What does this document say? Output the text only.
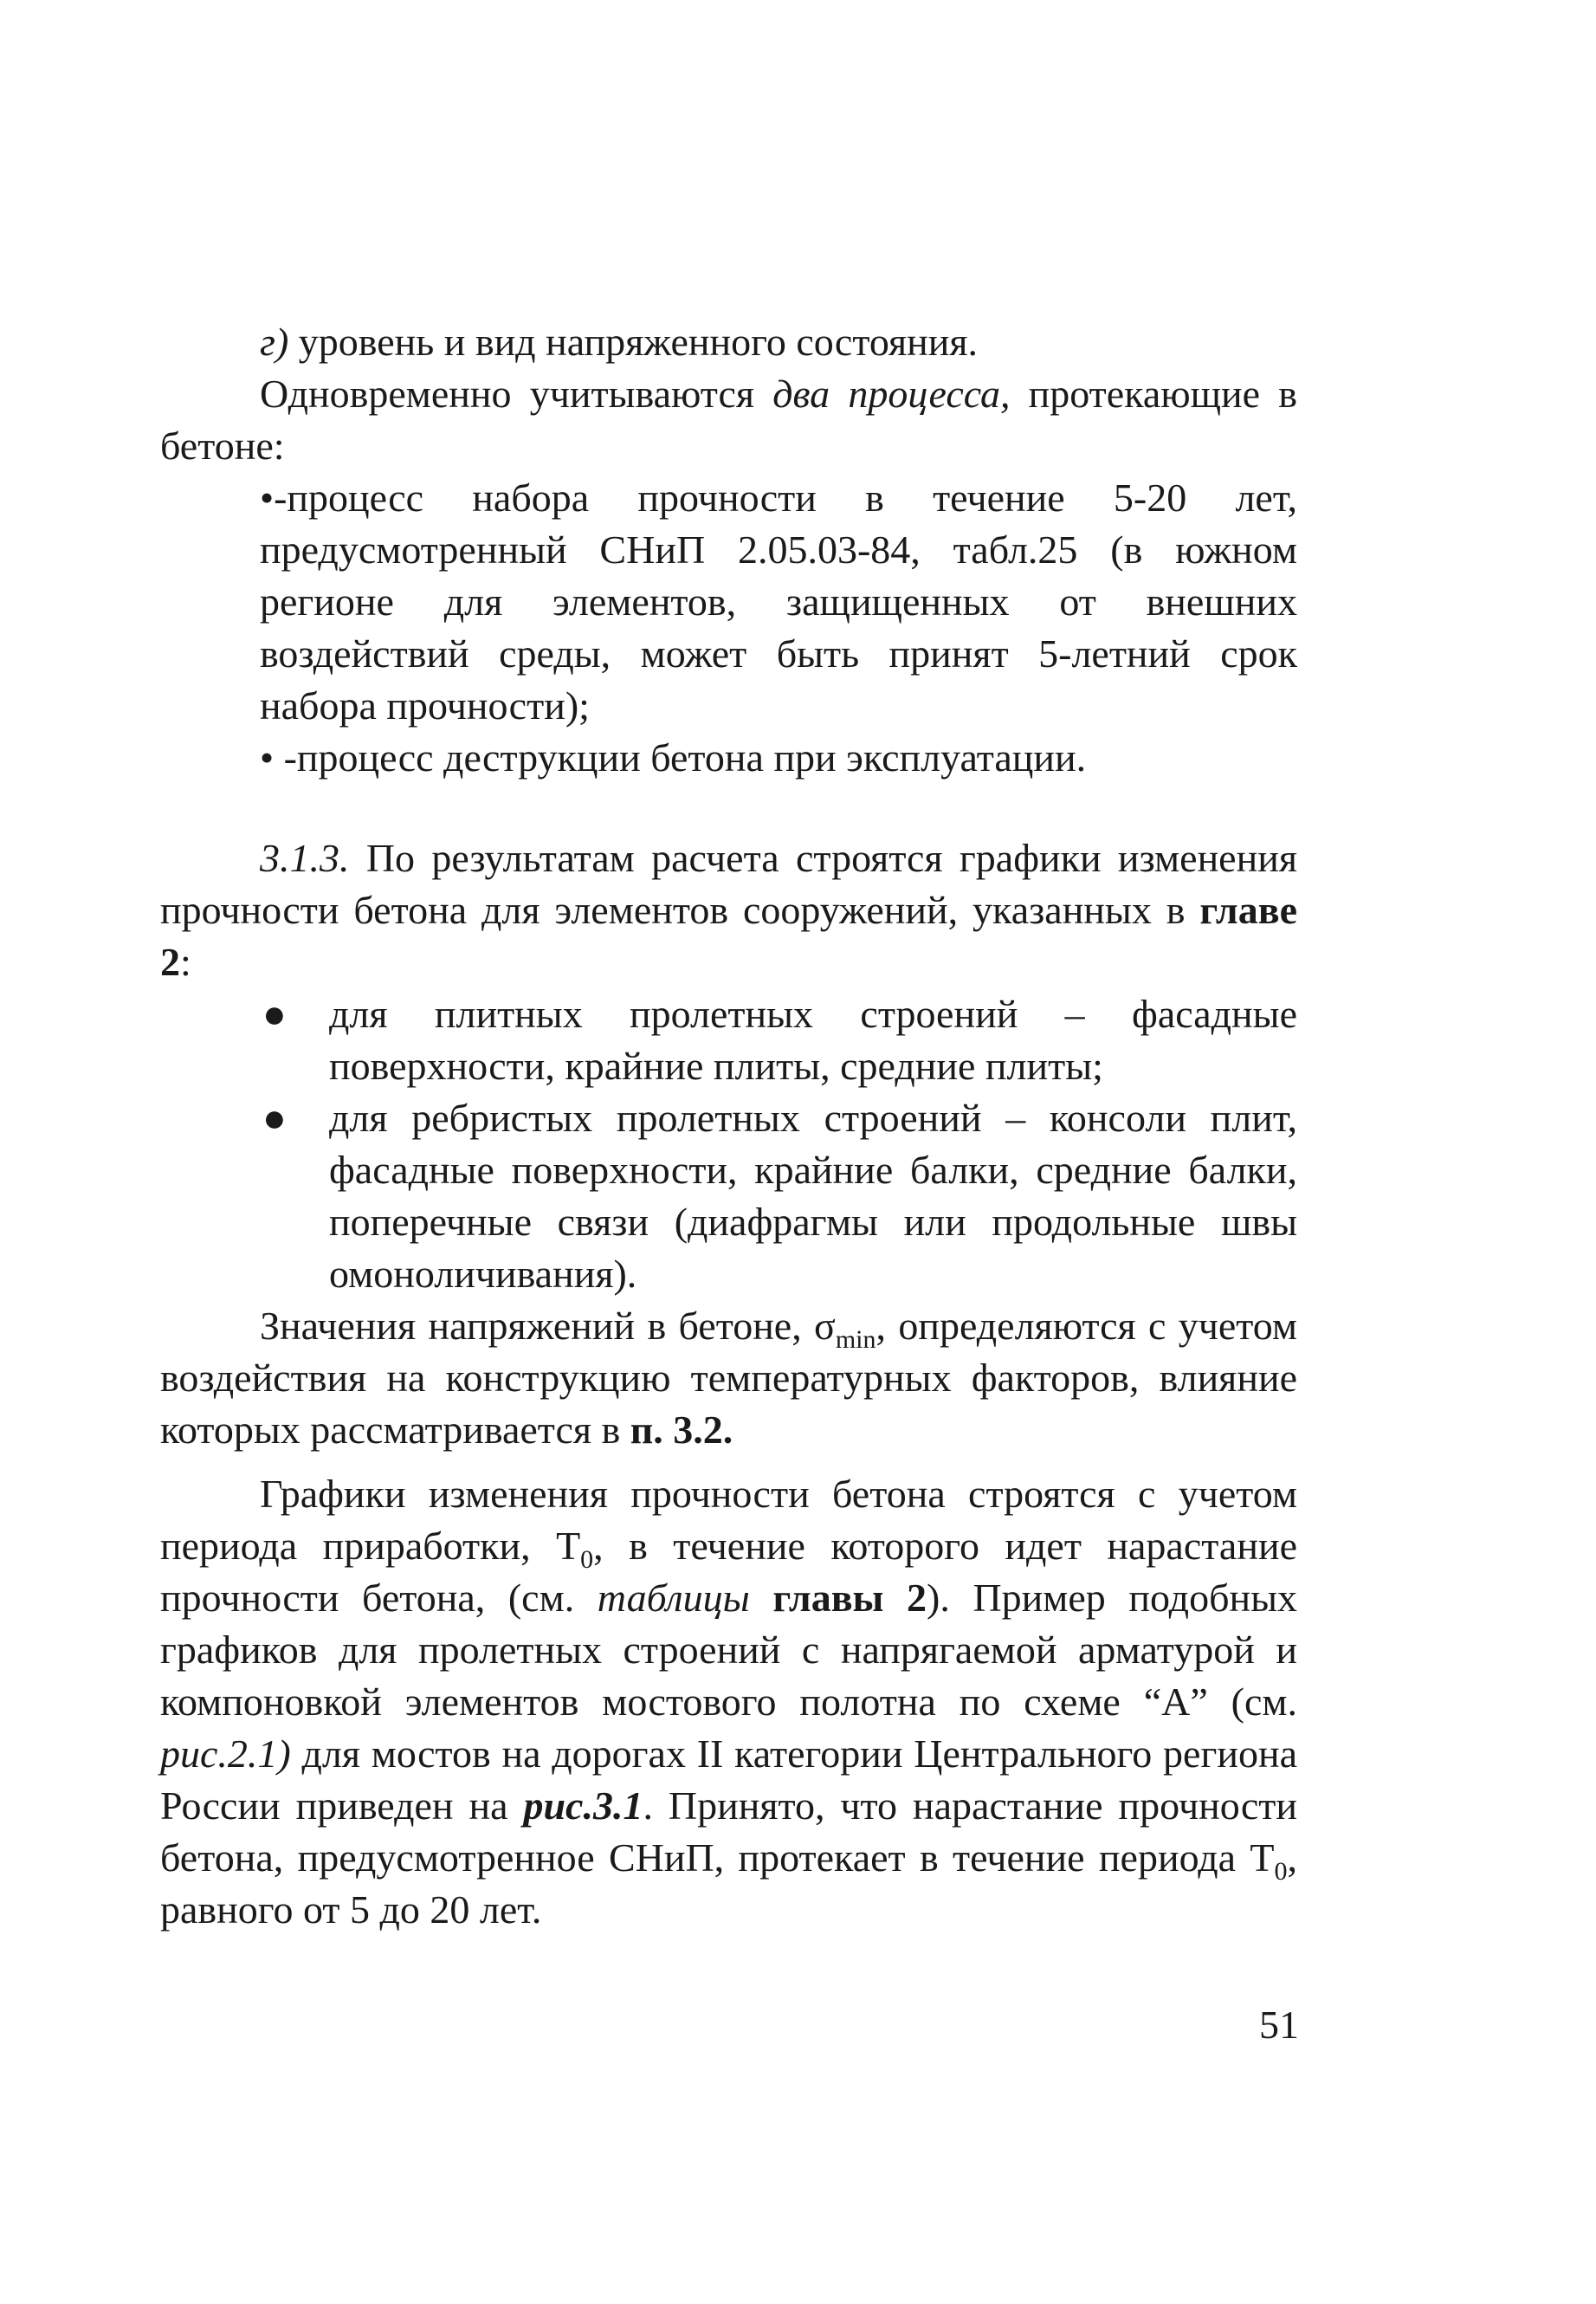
г) уровень и вид напряженного состояния.

Одновременно учитываются два процесса, протекающие в бетоне:

•-процесс набора прочности в течение 5-20 лет, предусмотренный СНиП 2.05.03-84, табл.25 (в южном регионе для элементов, защищенных от внешних воздействий среды, может быть принят 5-летний срок набора прочности);

• -процесс деструкции бетона при эксплуатации.

3.1.3. По результатам расчета строятся графики изменения прочности бетона для элементов сооружений, указанных в главе 2:

● для плитных пролетных строений – фасадные поверхности, крайние плиты, средние плиты;
● для ребристых пролетных строений – консоли плит, фасадные поверхности, крайние балки, средние балки, поперечные связи (диафрагмы или продольные швы омоноличивания).

Значения напряжений в бетоне, $\sigma_{min}$, определяются с учетом воздействия на конструкцию температурных факторов, влияние которых рассматривается в п. 3.2.

Графики изменения прочности бетона строятся с учетом периода приработки, $Т_0$, в течение которого идет нарастание прочности бетона, (см. таблицы главы 2). Пример подобных графиков для пролетных строений с напрягаемой арматурой и компоновкой элементов мостового полотна по схеме “А” (см. рис.2.1) для мостов на дорогах II категории Центрального региона России приведен на рис.3.1. Принято, что нарастание прочности бетона, предусмотренное СНиП, протекает в течение периода $Т_0$, равного от 5 до 20 лет.

51
